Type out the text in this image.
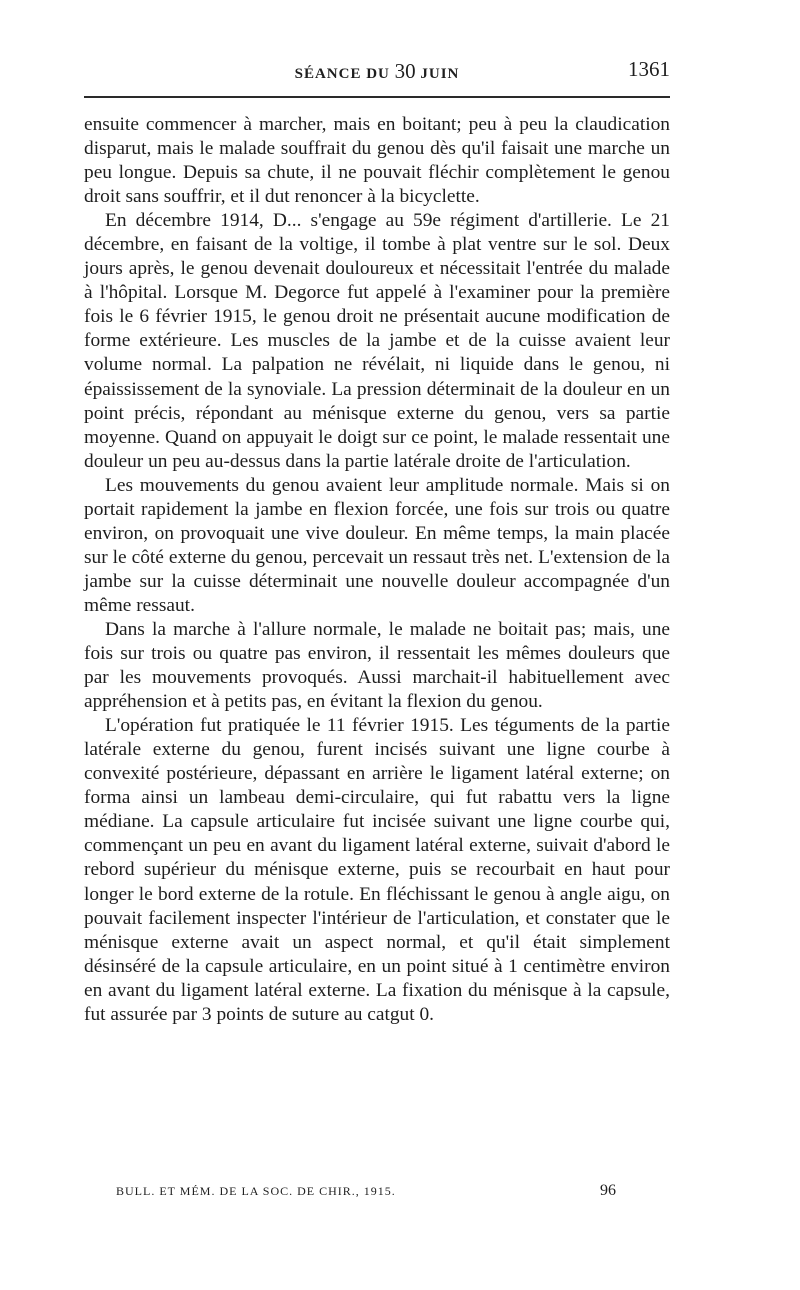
SÉANCE DU 30 JUIN	1361

ensuite commencer à marcher, mais en boitant; peu à peu la claudication disparut, mais le malade souffrait du genou dès qu'il faisait une marche un peu longue. Depuis sa chute, il ne pouvait fléchir complètement le genou droit sans souffrir, et il dut renoncer à la bicyclette.

En décembre 1914, D... s'engage au 59e régiment d'artillerie. Le 21 décembre, en faisant de la voltige, il tombe à plat ventre sur le sol. Deux jours après, le genou devenait douloureux et nécessitait l'entrée du malade à l'hôpital. Lorsque M. Degorce fut appelé à l'examiner pour la première fois le 6 février 1915, le genou droit ne présentait aucune modification de forme extérieure. Les muscles de la jambe et de la cuisse avaient leur volume normal. La palpation ne révélait, ni liquide dans le genou, ni épaississement de la synoviale. La pression déterminait de la douleur en un point précis, répondant au ménisque externe du genou, vers sa partie moyenne. Quand on appuyait le doigt sur ce point, le malade ressentait une douleur un peu au-dessus dans la partie latérale droite de l'articulation.

Les mouvements du genou avaient leur amplitude normale. Mais si on portait rapidement la jambe en flexion forcée, une fois sur trois ou quatre environ, on provoquait une vive douleur. En même temps, la main placée sur le côté externe du genou, percevait un ressaut très net. L'extension de la jambe sur la cuisse déterminait une nouvelle douleur accompagnée d'un même ressaut.

Dans la marche à l'allure normale, le malade ne boitait pas; mais, une fois sur trois ou quatre pas environ, il ressentait les mêmes douleurs que par les mouvements provoqués. Aussi marchait-il habituellement avec appréhension et à petits pas, en évitant la flexion du genou.

L'opération fut pratiquée le 11 février 1915. Les téguments de la partie latérale externe du genou, furent incisés suivant une ligne courbe à convexité postérieure, dépassant en arrière le ligament latéral externe; on forma ainsi un lambeau demi-circulaire, qui fut rabattu vers la ligne médiane. La capsule articulaire fut incisée suivant une ligne courbe qui, commençant un peu en avant du ligament latéral externe, suivait d'abord le rebord supérieur du ménisque externe, puis se recourbait en haut pour longer le bord externe de la rotule. En fléchissant le genou à angle aigu, on pouvait facilement inspecter l'intérieur de l'articulation, et constater que le ménisque externe avait un aspect normal, et qu'il était simplement désinséré de la capsule articulaire, en un point situé à 1 centimètre environ en avant du ligament latéral externe. La fixation du ménisque à la capsule, fut assurée par 3 points de suture au catgut 0.

BULL. ET MÉM. DE LA SOC. DE CHIR., 1915.	96
